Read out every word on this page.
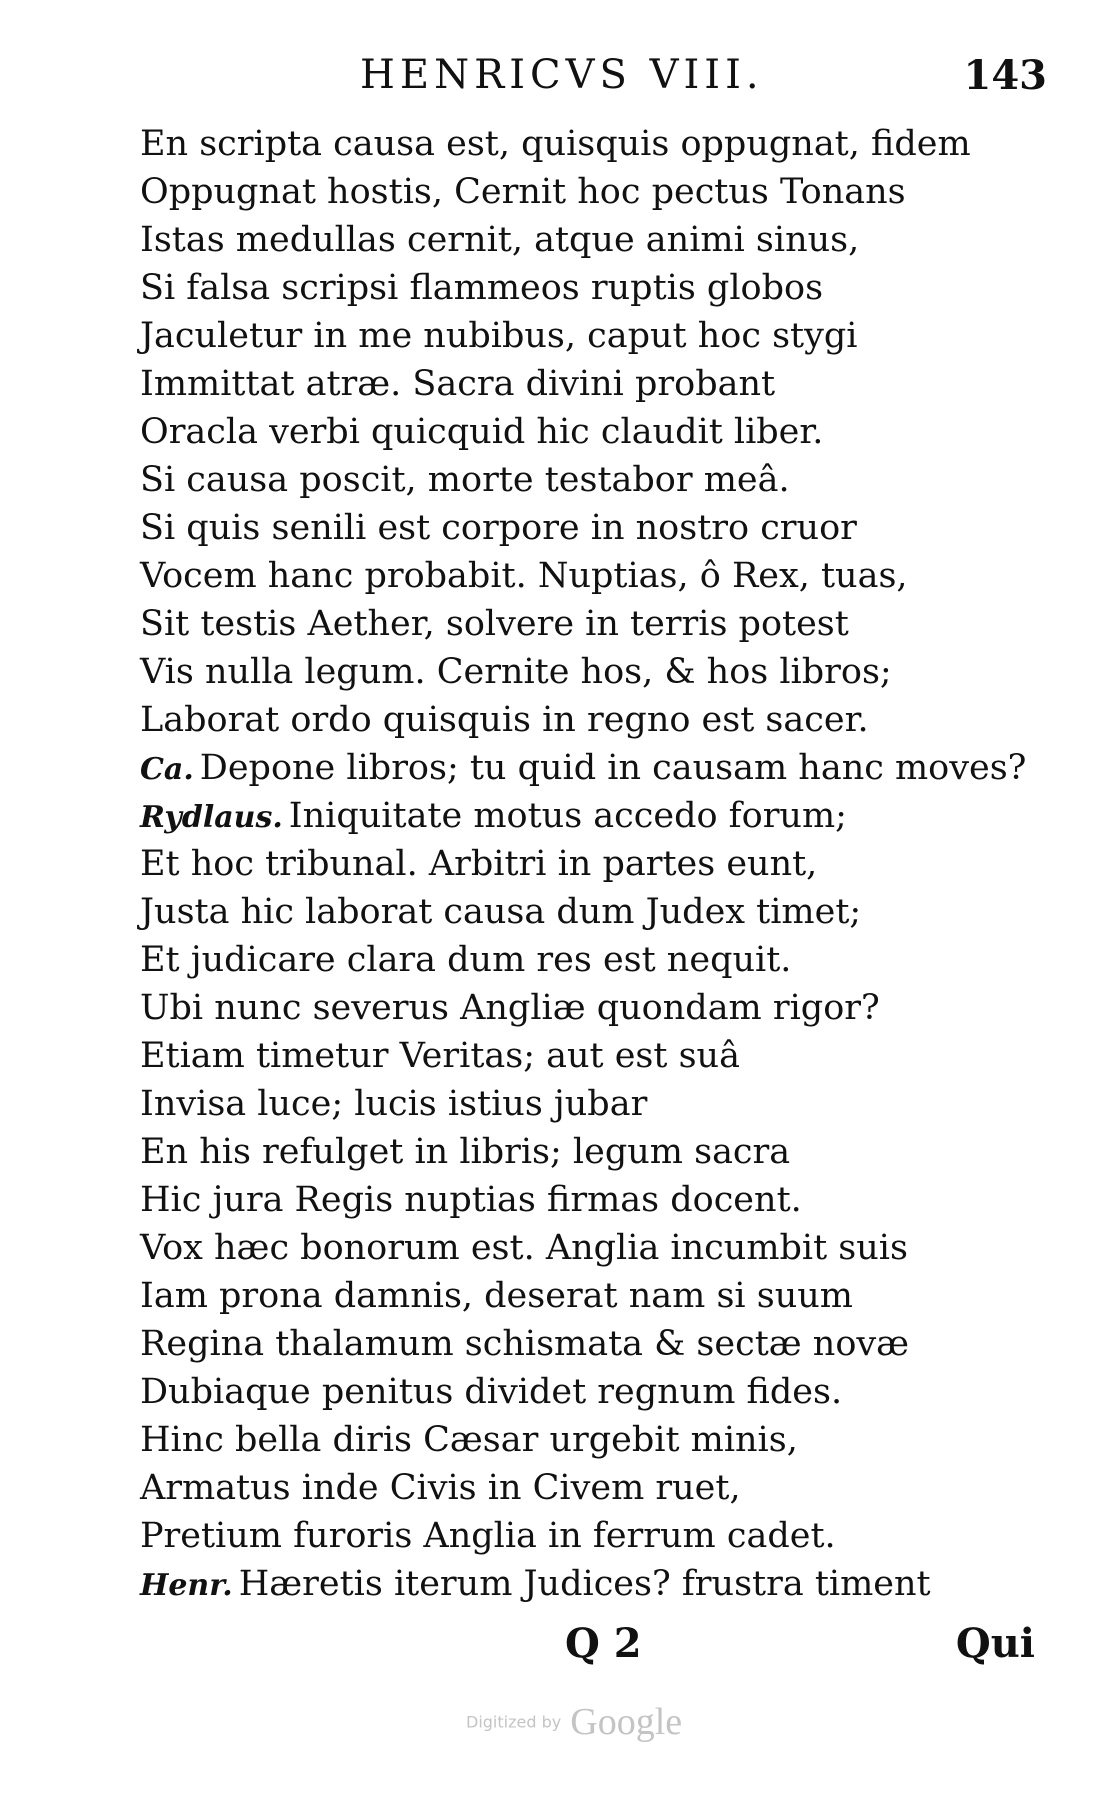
HENRICVS VIII.	143
En scripta causa est, quisquis oppugnat, fidem
Oppugnat hostis, Cernit hoc pectus Tonans
Istas medullas cernit, atque animi sinus,
Si falsa scripsi flammeos ruptis globos
Jaculetur in me nubibus, caput hoc stygi
Immittat atræ. Sacra divini probant
Oracla verbi quicquid hic claudit liber.
Si causa poscit, morte testabor meâ.
Si quis senili est corpore in nostro cruor
Vocem hanc probabit. Nuptias, ô Rex, tuas,
Sit testis Aether, solvere in terris potest
Vis nulla legum. Cernite hos, & hos libros;
Laborat ordo quisquis in regno est sacer.
Ca. Depone libros; tu quid in causam hanc moves?
Rydlaus. Iniquitate motus accedo forum;
Et hoc tribunal. Arbitri in partes eunt,
Justa hic laborat causa dum Judex timet;
Et judicare clara dum res est nequit.
Ubi nunc severus Angliæ quondam rigor?
Etiam timetur Veritas; aut est suâ
Invisa luce; lucis istius jubar
En his refulget in libris; legum sacra
Hic jura Regis nuptias firmas docent.
Vox hæc bonorum est. Anglia incumbit suis
Iam prona damnis, deserat nam si suum
Regina thalamum schismata & sectæ novæ
Dubiaque penitus dividet regnum fides.
Hinc bella diris Cæsar urgebit minis,
Armatus inde Civis in Civem ruet,
Pretium furoris Anglia in ferrum cadet.
Henr. Hæretis iterum Judices? frustra timent
Q 2	Qui
Digitized by Google
